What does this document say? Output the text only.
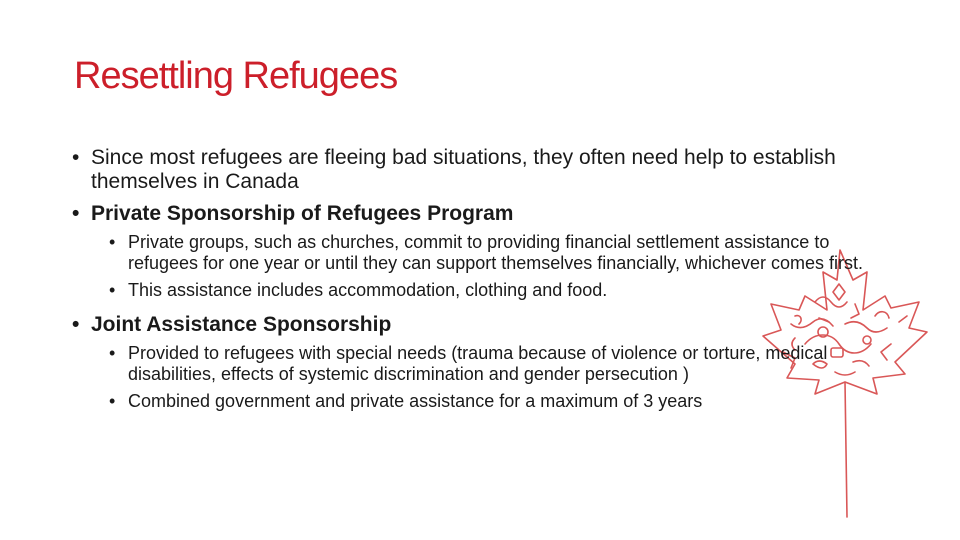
Resettling Refugees

• Since most refugees are fleeing bad situations, they often need help to establish themselves in Canada

• Private Sponsorship of Refugees Program

• Private groups, such as churches, commit to providing financial settlement assistance to refugees for one year or until they can support themselves financially, whichever comes first.
• This assistance includes accommodation, clothing and food.

• Joint Assistance Sponsorship

• Provided to refugees with special needs (trauma because of violence or torture, medical disabilities, effects of systemic discrimination and gender persecution )
• Combined government and private assistance for a maximum of 3 years
